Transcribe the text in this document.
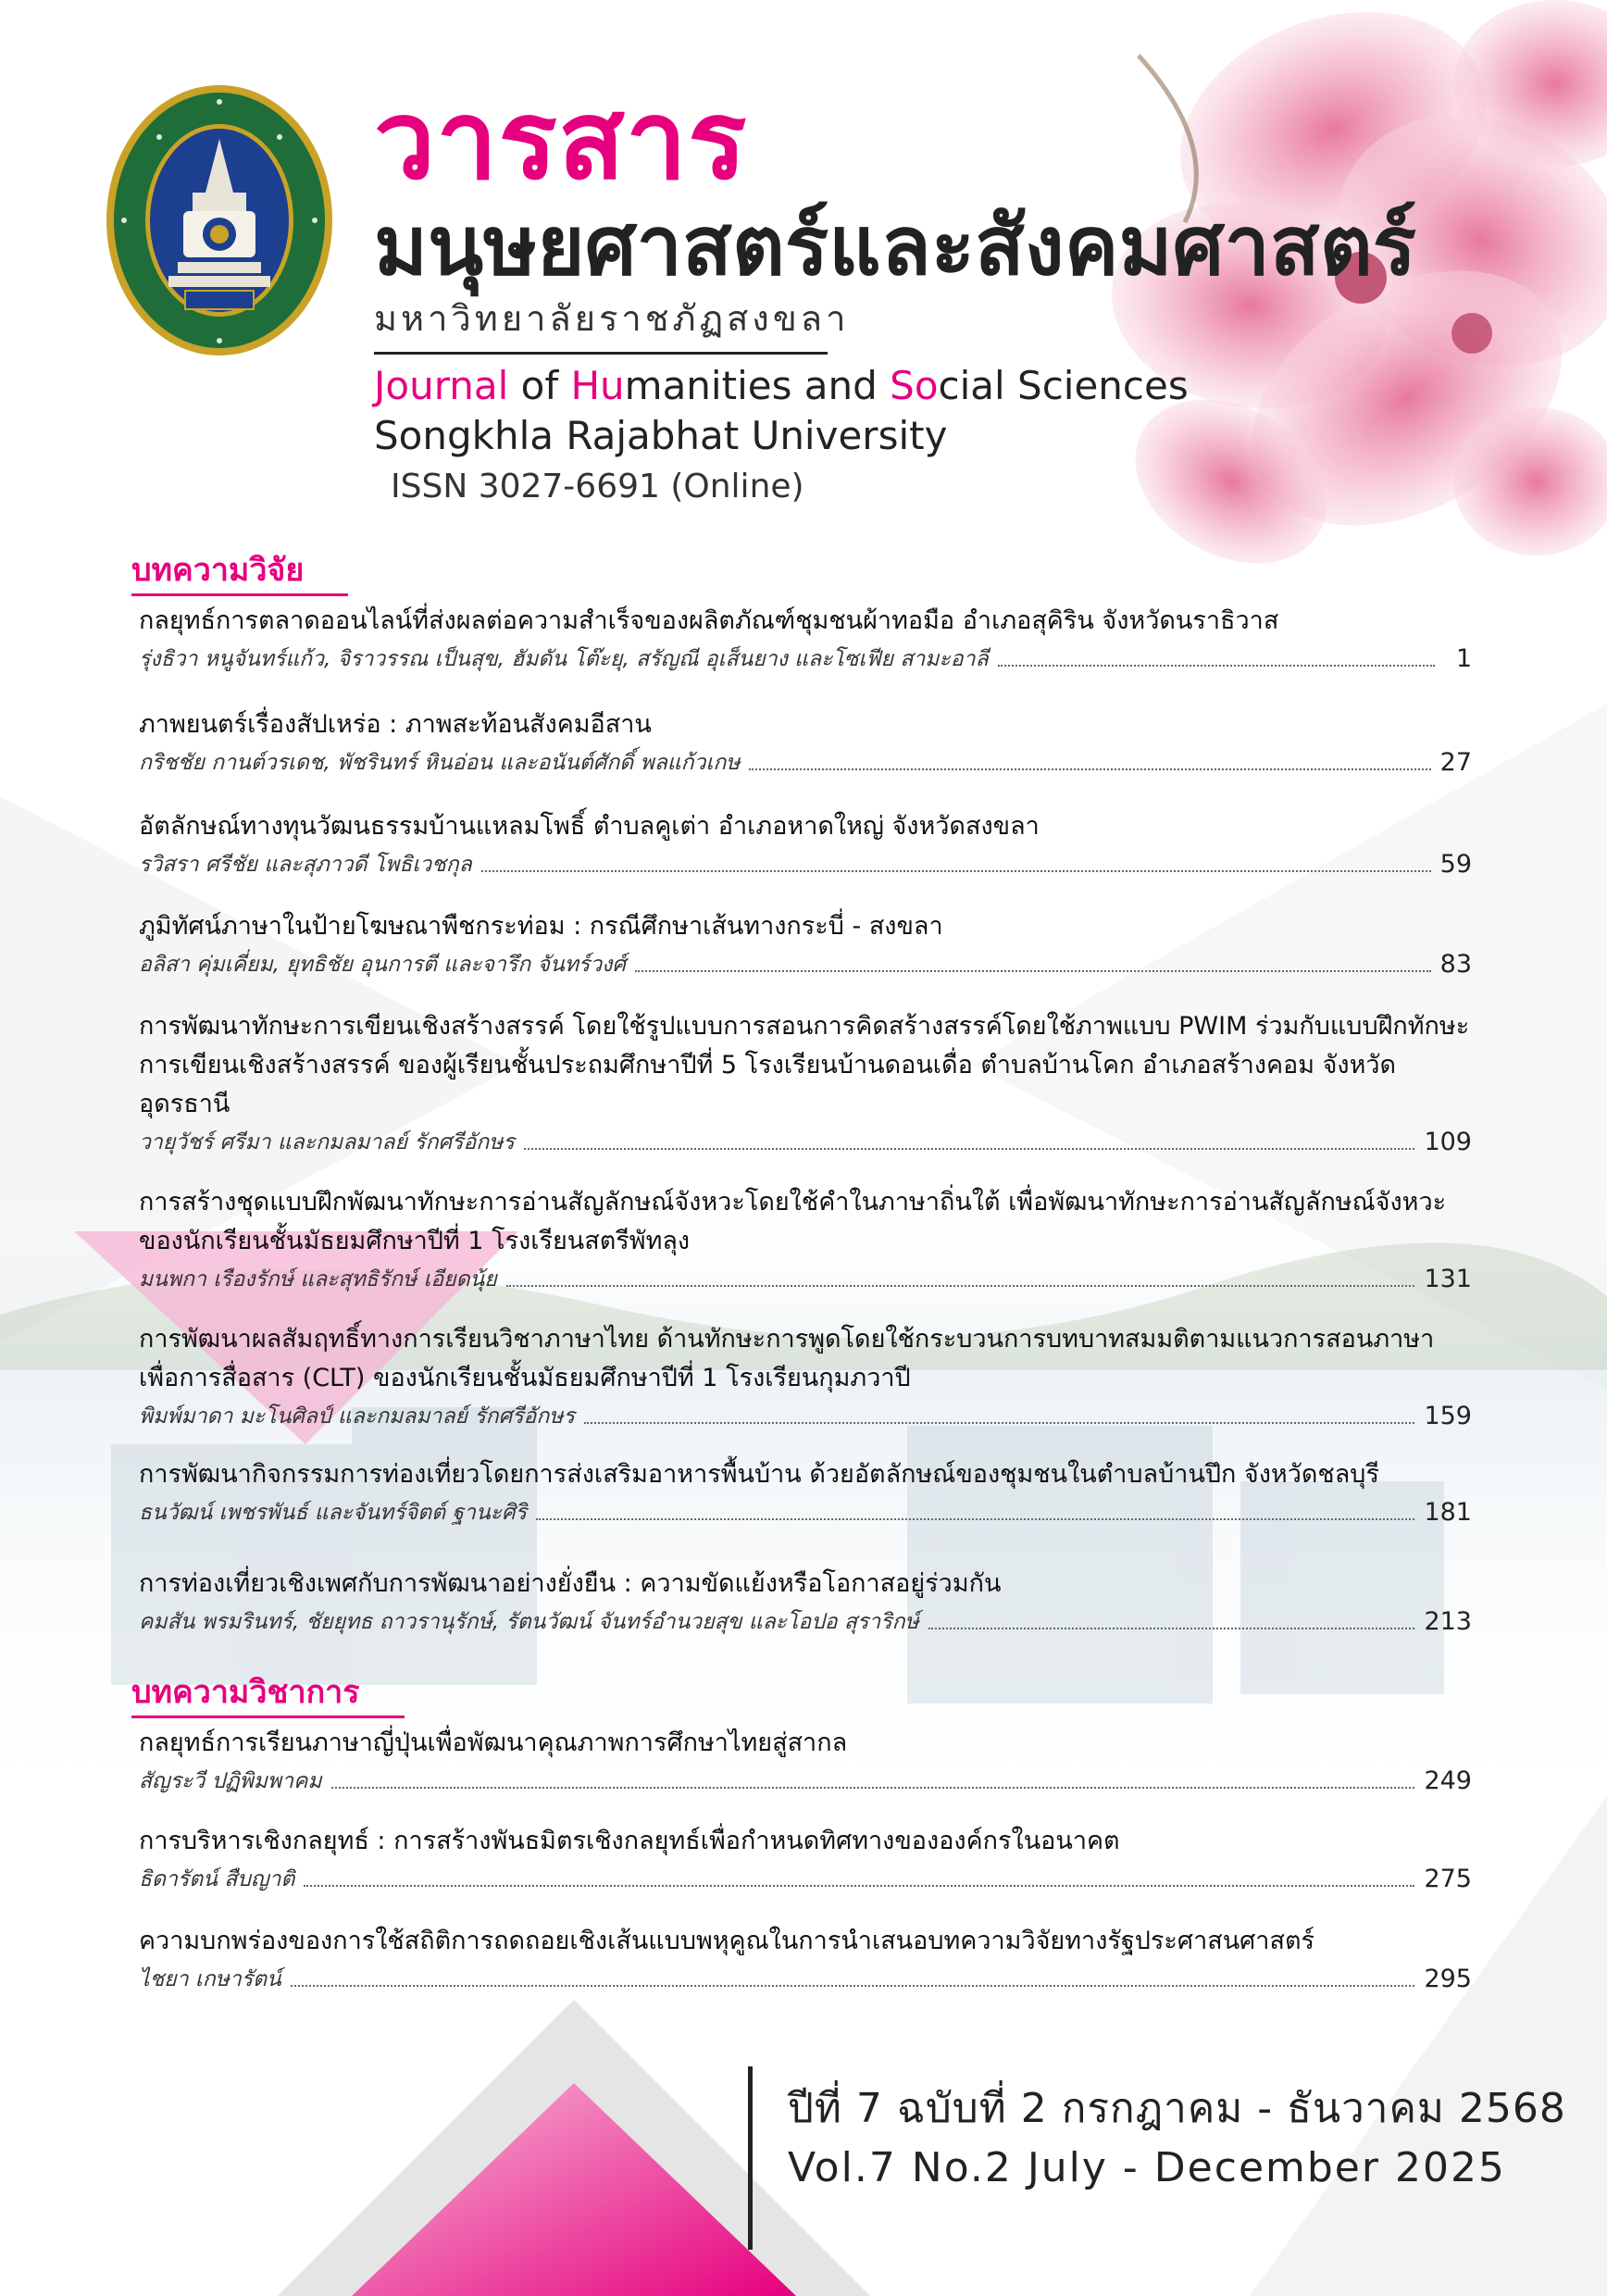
วารสาร
มนุษยศาสตร์และสังคมศาสตร์
มหาวิทยาลัยราชภัฏสงขลา
Journal of Humanities and Social Sciences
Songkhla Rajabhat University
ISSN 3027-6691 (Online)
บทความวิจัย
กลยุทธ์การตลาดออนไลน์ที่ส่งผลต่อความสำเร็จของผลิตภัณฑ์ชุมชนผ้าทอมือ อำเภอสุคิริน จังหวัดนราธิวาส
รุ่งธิวา หนูจันทร์แก้ว, จิราวรรณ เป็นสุข, ฮัมดัน โต๊ะยุ, สรัญณี อุเส็นยาง และโซเฟีย สามะอาลี	1
ภาพยนตร์เรื่องสัปเหร่อ : ภาพสะท้อนสังคมอีสาน
กริชชัย กานต์วรเดช, พัชรินทร์ หินอ่อน และอนันต์ศักดิ์ พลแก้วเกษ	27
อัตลักษณ์ทางทุนวัฒนธรรมบ้านแหลมโพธิ์ ตำบลคูเต่า อำเภอหาดใหญ่ จังหวัดสงขลา
รวิสรา ศรีชัย และสุภาวดี โพธิเวชกุล	59
ภูมิทัศน์ภาษาในป้ายโฆษณาพืชกระท่อม : กรณีศึกษาเส้นทางกระบี่ - สงขลา
อลิสา คุ่มเคี่ยม, ยุทธิชัย อุนการตี และจารึก จันทร์วงศ์	83
การพัฒนาทักษะการเขียนเชิงสร้างสรรค์ โดยใช้รูปแบบการสอนการคิดสร้างสรรค์โดยใช้ภาพแบบ PWIM ร่วมกับแบบฝึกทักษะการเขียนเชิงสร้างสรรค์ ของผู้เรียนชั้นประถมศึกษาปีที่ 5 โรงเรียนบ้านดอนเดื่อ ตำบลบ้านโคก อำเภอสร้างคอม จังหวัดอุดรธานี
วายุวัชร์ ศรีมา และกมลมาลย์ รักศรีอักษร	109
การสร้างชุดแบบฝึกพัฒนาทักษะการอ่านสัญลักษณ์จังหวะโดยใช้คำในภาษาถิ่นใต้ เพื่อพัฒนาทักษะการอ่านสัญลักษณ์จังหวะของนักเรียนชั้นมัธยมศึกษาปีที่ 1 โรงเรียนสตรีพัทลุง
มนพกา เรืองรักษ์ และสุทธิรักษ์ เอียดนุ้ย	131
การพัฒนาผลสัมฤทธิ์ทางการเรียนวิชาภาษาไทย ด้านทักษะการพูดโดยใช้กระบวนการบทบาทสมมติตามแนวการสอนภาษาเพื่อการสื่อสาร (CLT) ของนักเรียนชั้นมัธยมศึกษาปีที่ 1 โรงเรียนกุมภวาปี
พิมพ์มาดา มะโนศิลป์ และกมลมาลย์ รักศรีอักษร	159
การพัฒนากิจกรรมการท่องเที่ยวโดยการส่งเสริมอาหารพื้นบ้าน ด้วยอัตลักษณ์ของชุมชนในตำบลบ้านปึก จังหวัดชลบุรี
ธนวัฒน์ เพชรพันธ์ และจันทร์จิตต์ ฐานะศิริ	181
การท่องเที่ยวเชิงเพศกับการพัฒนาอย่างยั่งยืน : ความขัดแย้งหรือโอกาสอยู่ร่วมกัน
คมสัน พรมรินทร์, ชัยยุทธ ถาวรานุรักษ์, รัตนวัฒน์ จันทร์อำนวยสุข และโอปอ สุราริกษ์	213
บทความวิชาการ
กลยุทธ์การเรียนภาษาญี่ปุ่นเพื่อพัฒนาคุณภาพการศึกษาไทยสู่สากล
สัญระวี ปฏิพิมพาคม	249
การบริหารเชิงกลยุทธ์ : การสร้างพันธมิตรเชิงกลยุทธ์เพื่อกำหนดทิศทางขององค์กรในอนาคต
ธิดารัตน์ สืบญาติ	275
ความบกพร่องของการใช้สถิติการถดถอยเชิงเส้นแบบพหุคูณในการนำเสนอบทความวิจัยทางรัฐประศาสนศาสตร์
ไชยา เกษารัตน์	295
ปีที่ 7 ฉบับที่ 2 กรกฎาคม - ธันวาคม 2568
Vol.7 No.2 July - December 2025
